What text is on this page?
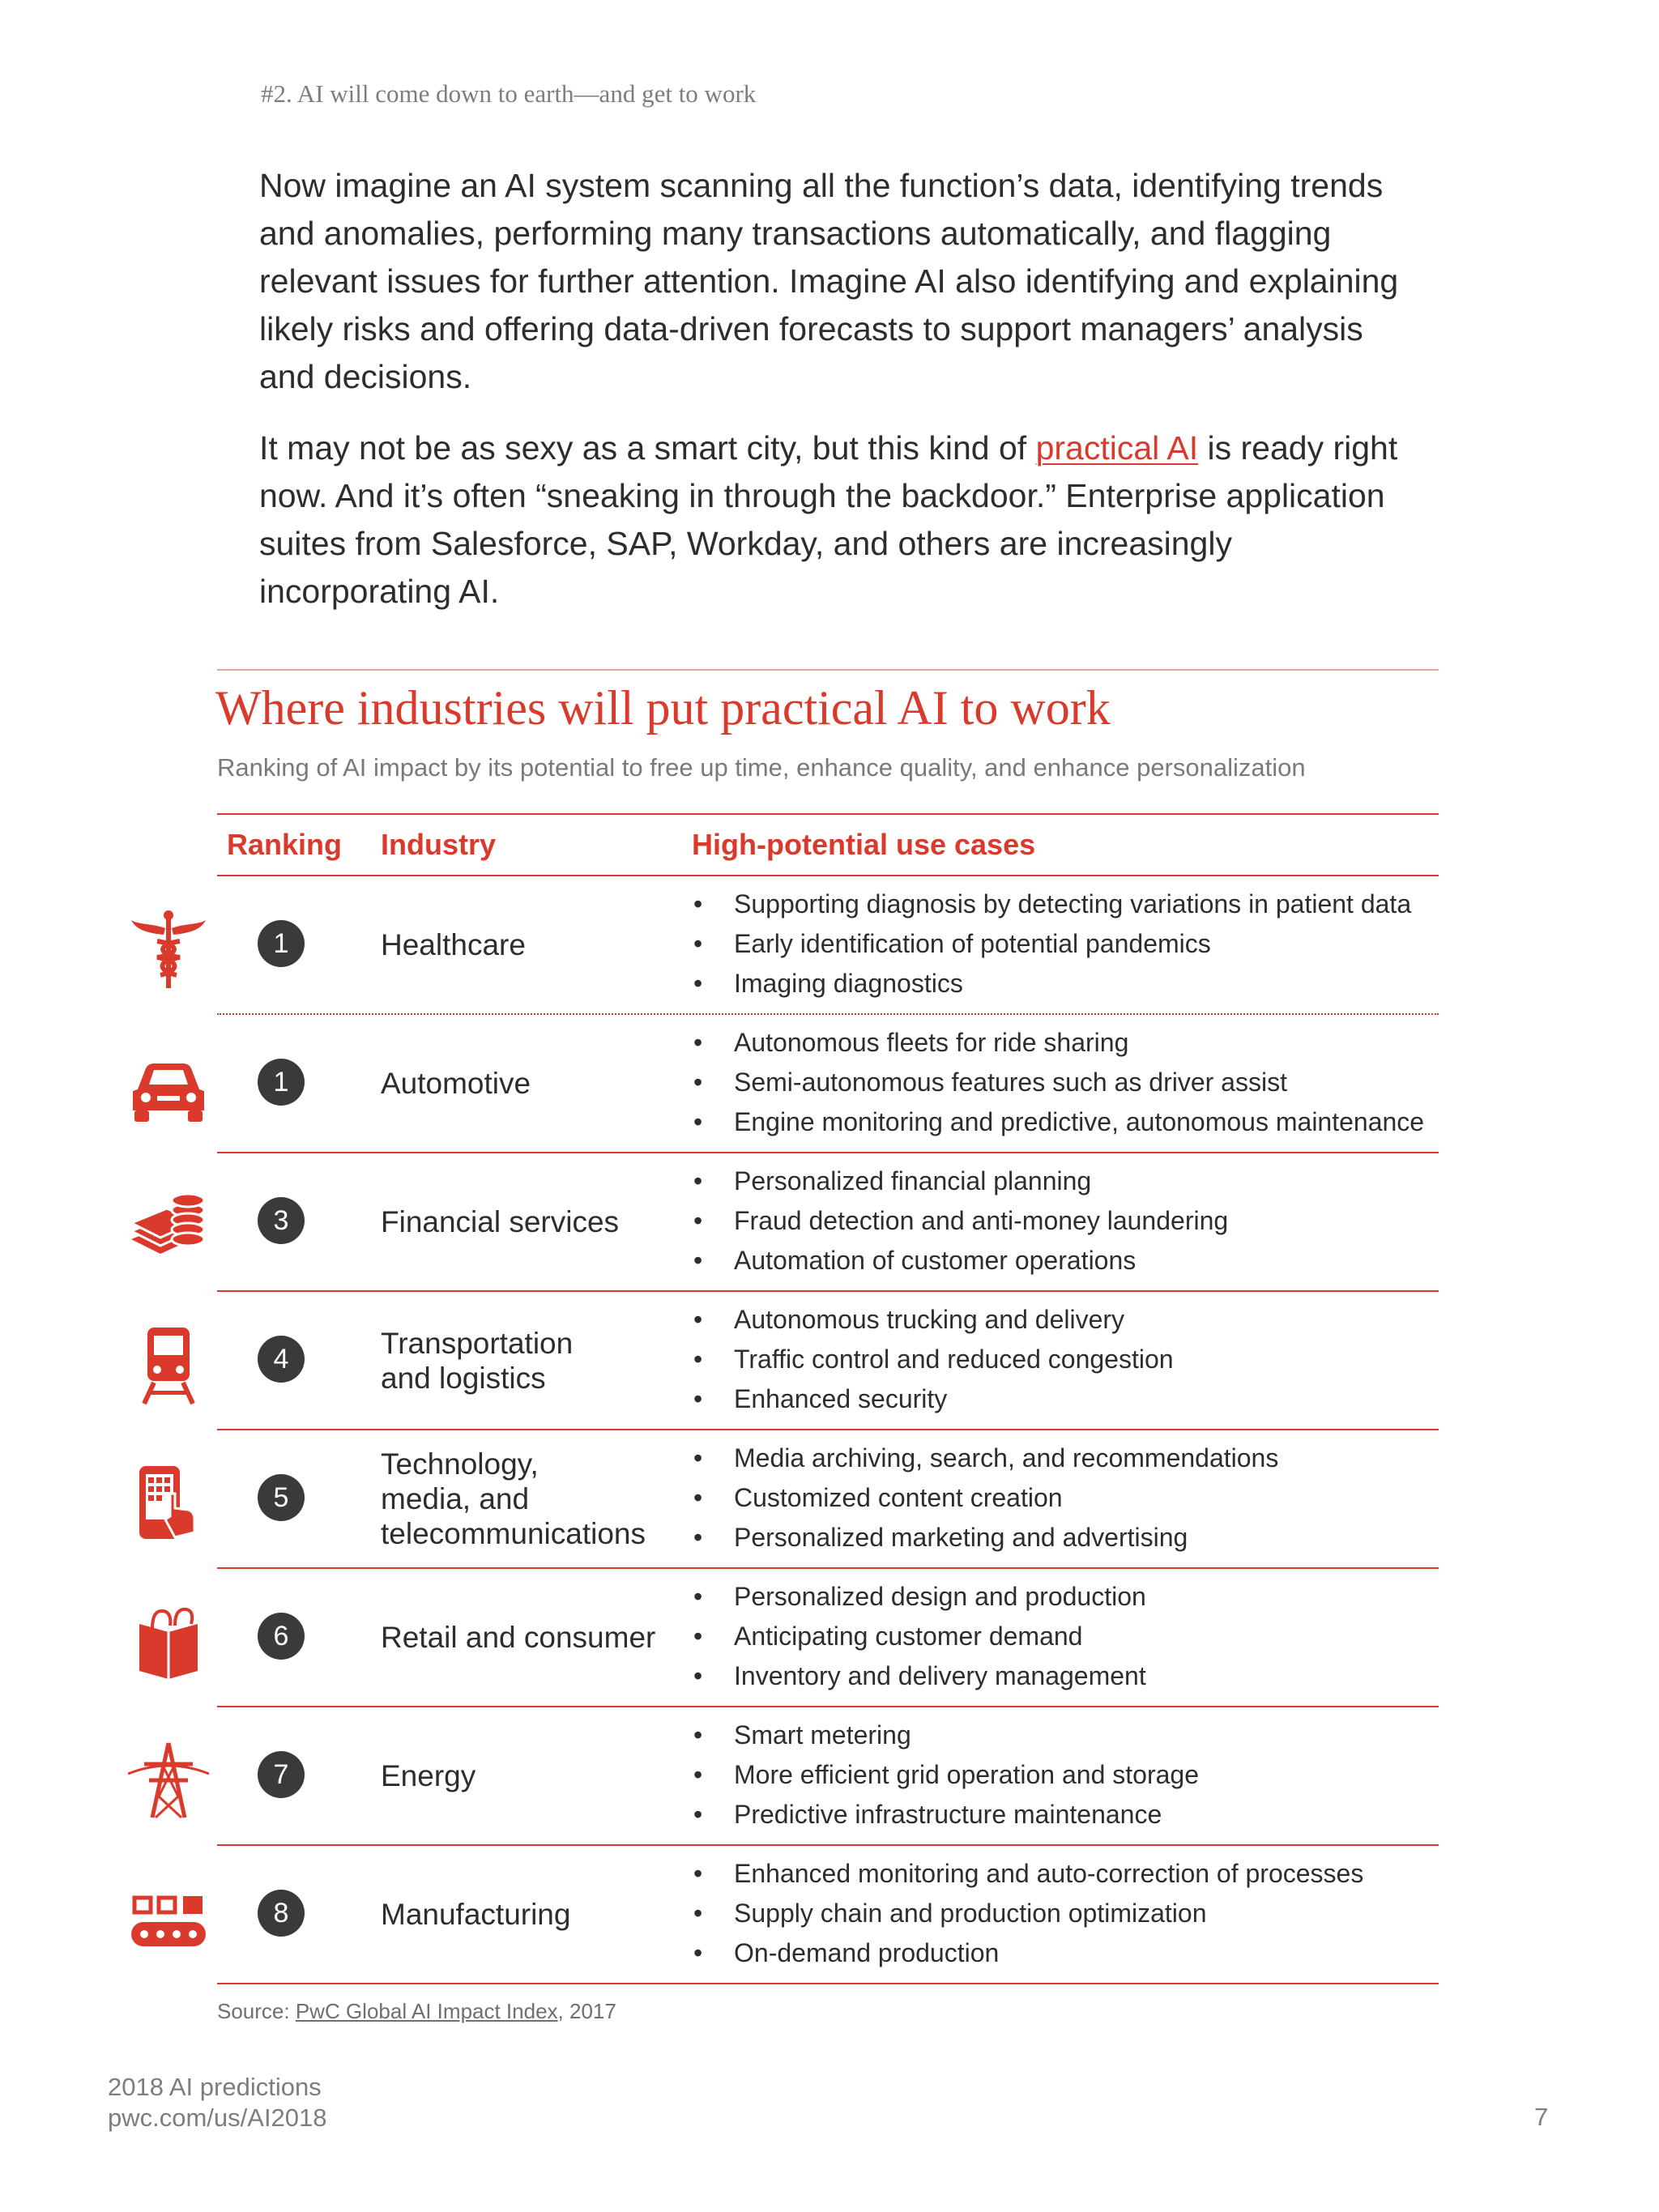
#2. AI will come down to earth—and get to work

Now imagine an AI system scanning all the function’s data, identifying trends and anomalies, performing many transactions automatically, and flagging relevant issues for further attention. Imagine AI also identifying and explaining likely risks and offering data-driven forecasts to support managers’ analysis and decisions.

It may not be as sexy as a smart city, but this kind of practical AI is ready right now. And it’s often “sneaking in through the backdoor.” Enterprise application suites from Salesforce, SAP, Workday, and others are increasingly incorporating AI.

Where industries will put practical AI to work
Ranking of AI impact by its potential to free up time, enhance quality, and enhance personalization
Ranking Industry	High-potential use cases
1	Healthcare
• Supporting diagnosis by detecting variations in patient data
• Early identification of potential pandemics
• Imaging diagnostics
1	Automotive
• Autonomous fleets for ride sharing
• Semi-autonomous features such as driver assist
• Engine monitoring and predictive, autonomous maintenance
3	Financial services
• Personalized financial planning
• Fraud detection and anti-money laundering
• Automation of customer operations
4	Transportation
and logistics
• Autonomous trucking and delivery
• Traffic control and reduced congestion
• Enhanced security
5
Technology,
media, and
telecommunications
• Media archiving, search, and recommendations
• Customized content creation
• Personalized marketing and advertising
6	Retail and consumer
• Personalized design and production
• Anticipating customer demand
• Inventory and delivery management
7	Energy
• Smart metering
• More efficient grid operation and storage
• Predictive infrastructure maintenance
8	Manufacturing
• Enhanced monitoring and auto-correction of processes
• Supply chain and production optimization
• On-demand production
Source: PwC Global AI Impact Index, 2017
2018 AI predictions
pwc.com/us/AI2018	7
